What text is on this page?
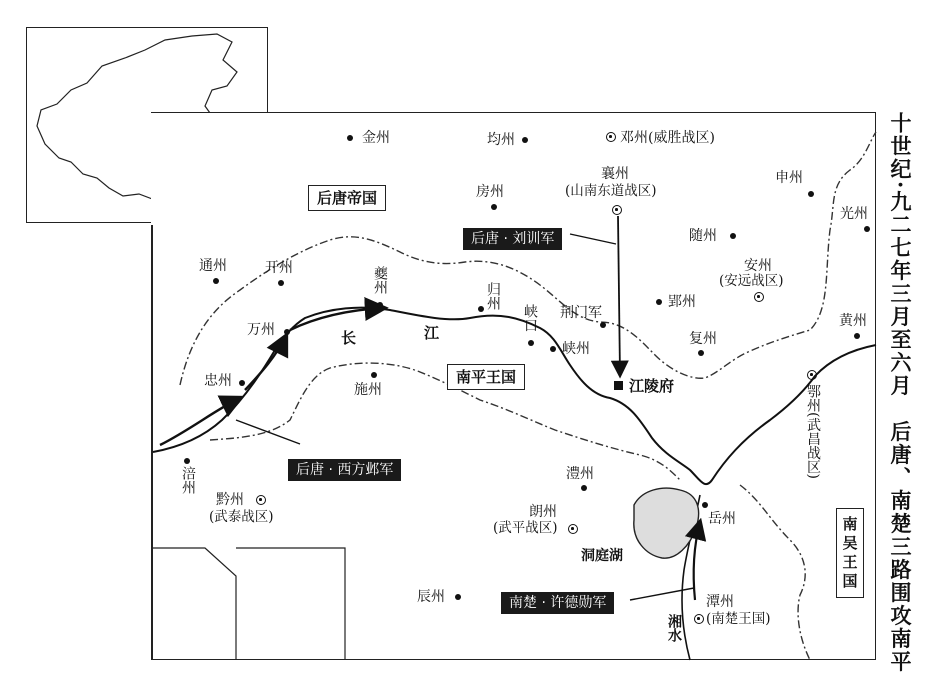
后唐帝国
南平王国
南吴王国
后唐 · 刘训军
后唐 · 西方邺军
南楚 · 许德勋军
长	江
湘水
洞庭湖
金州	均州	邓州(威胜战区)
房州
襄州
(山南东道战区)
申州
光州
随州
安州
(安远战区)
通州	开州	夔州
归州
峡口 荆门军
郢州
黄州
万州
峡州
复州
忠州
施州	江陵府	鄂州(武昌战区)
涪州	澧州
黔州
(武泰战区)	朗州
(武平战区)
岳州
辰州	潭州
(南楚王国)	十世纪·九二七年三月至六月　后唐、南楚三路围攻南平
